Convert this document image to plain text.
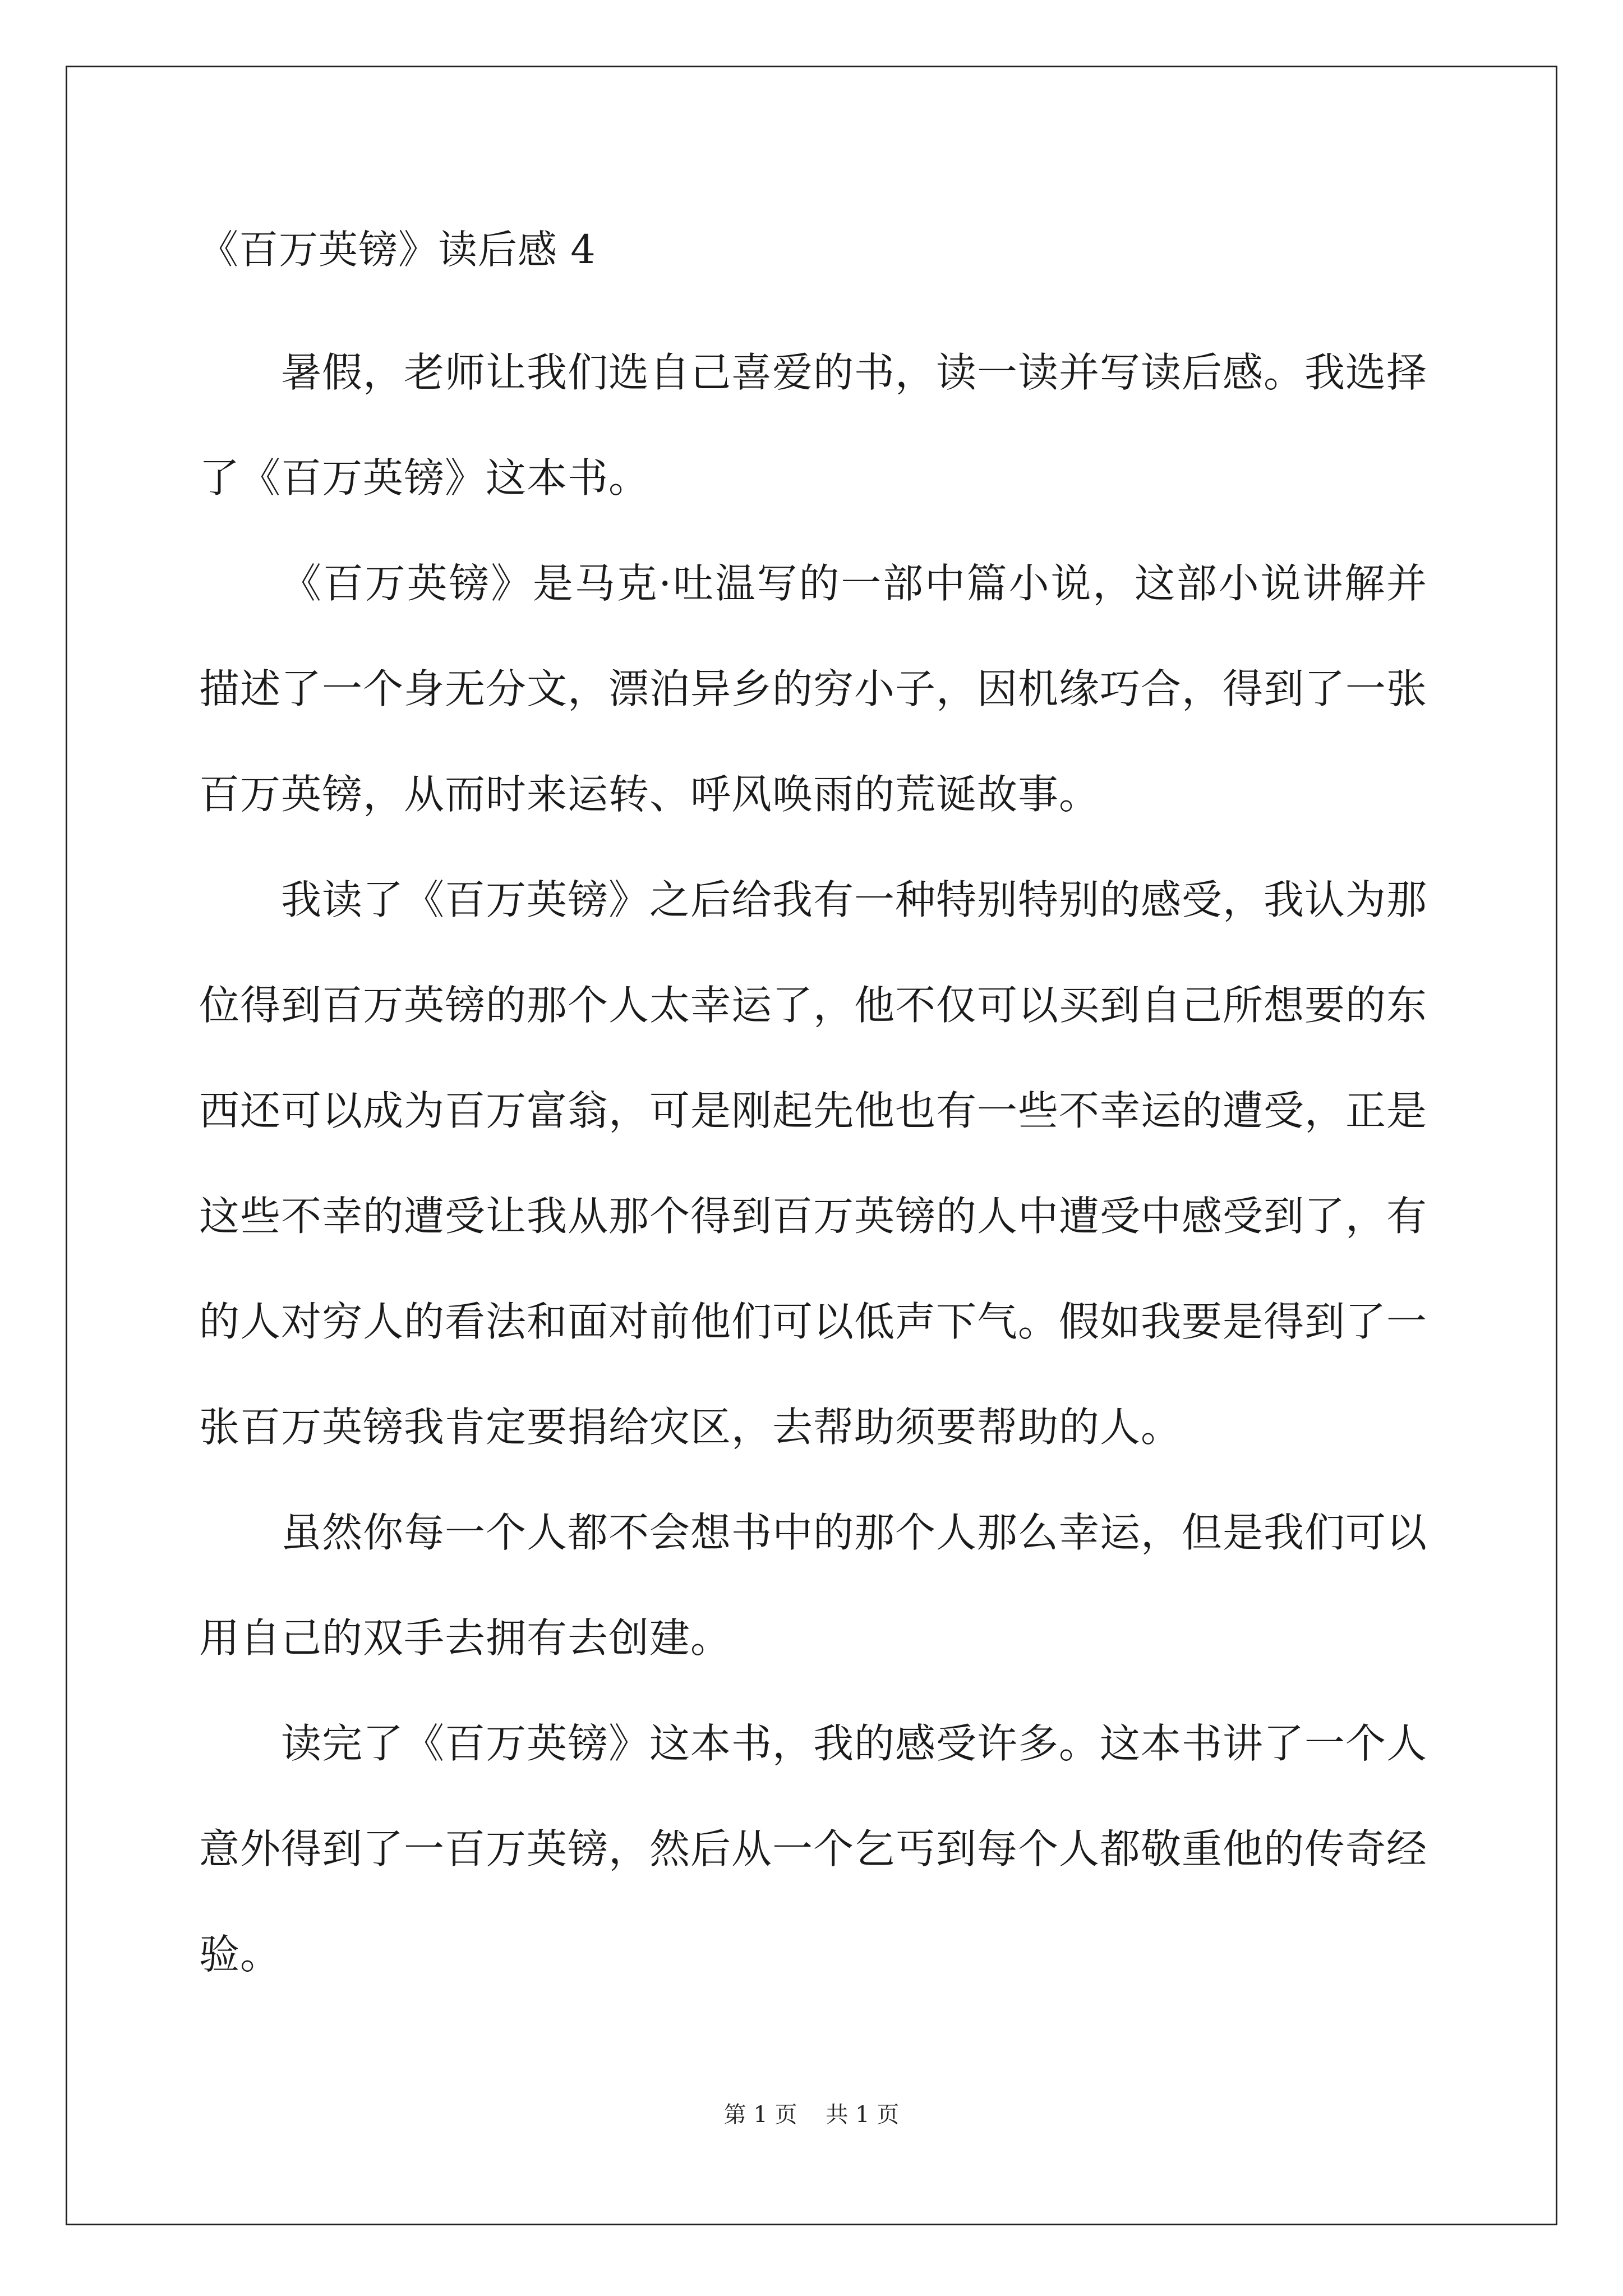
《百万英镑》读后感 4

暑假，老师让我们选自己喜爱的书，读一读并写读后感。我选择了《百万英镑》这本书。

《百万英镑》是马克·吐温写的一部中篇小说，这部小说讲解并描述了一个身无分文，漂泊异乡的穷小子，因机缘巧合，得到了一张百万英镑，从而时来运转、呼风唤雨的荒诞故事。

我读了《百万英镑》之后给我有一种特别特别的感受，我认为那位得到百万英镑的那个人太幸运了，他不仅可以买到自己所想要的东西还可以成为百万富翁，可是刚起先他也有一些不幸运的遭受，正是这些不幸的遭受让我从那个得到百万英镑的人中遭受中感受到了，有的人对穷人的看法和面对前他们可以低声下气。假如我要是得到了一张百万英镑我肯定要捐给灾区，去帮助须要帮助的人。

虽然你每一个人都不会想书中的那个人那么幸运，但是我们可以用自己的双手去拥有去创建。

读完了《百万英镑》这本书，我的感受许多。这本书讲了一个人意外得到了一百万英镑，然后从一个乞丐到每个人都敬重他的传奇经验。

第 1 页 共 1 页
